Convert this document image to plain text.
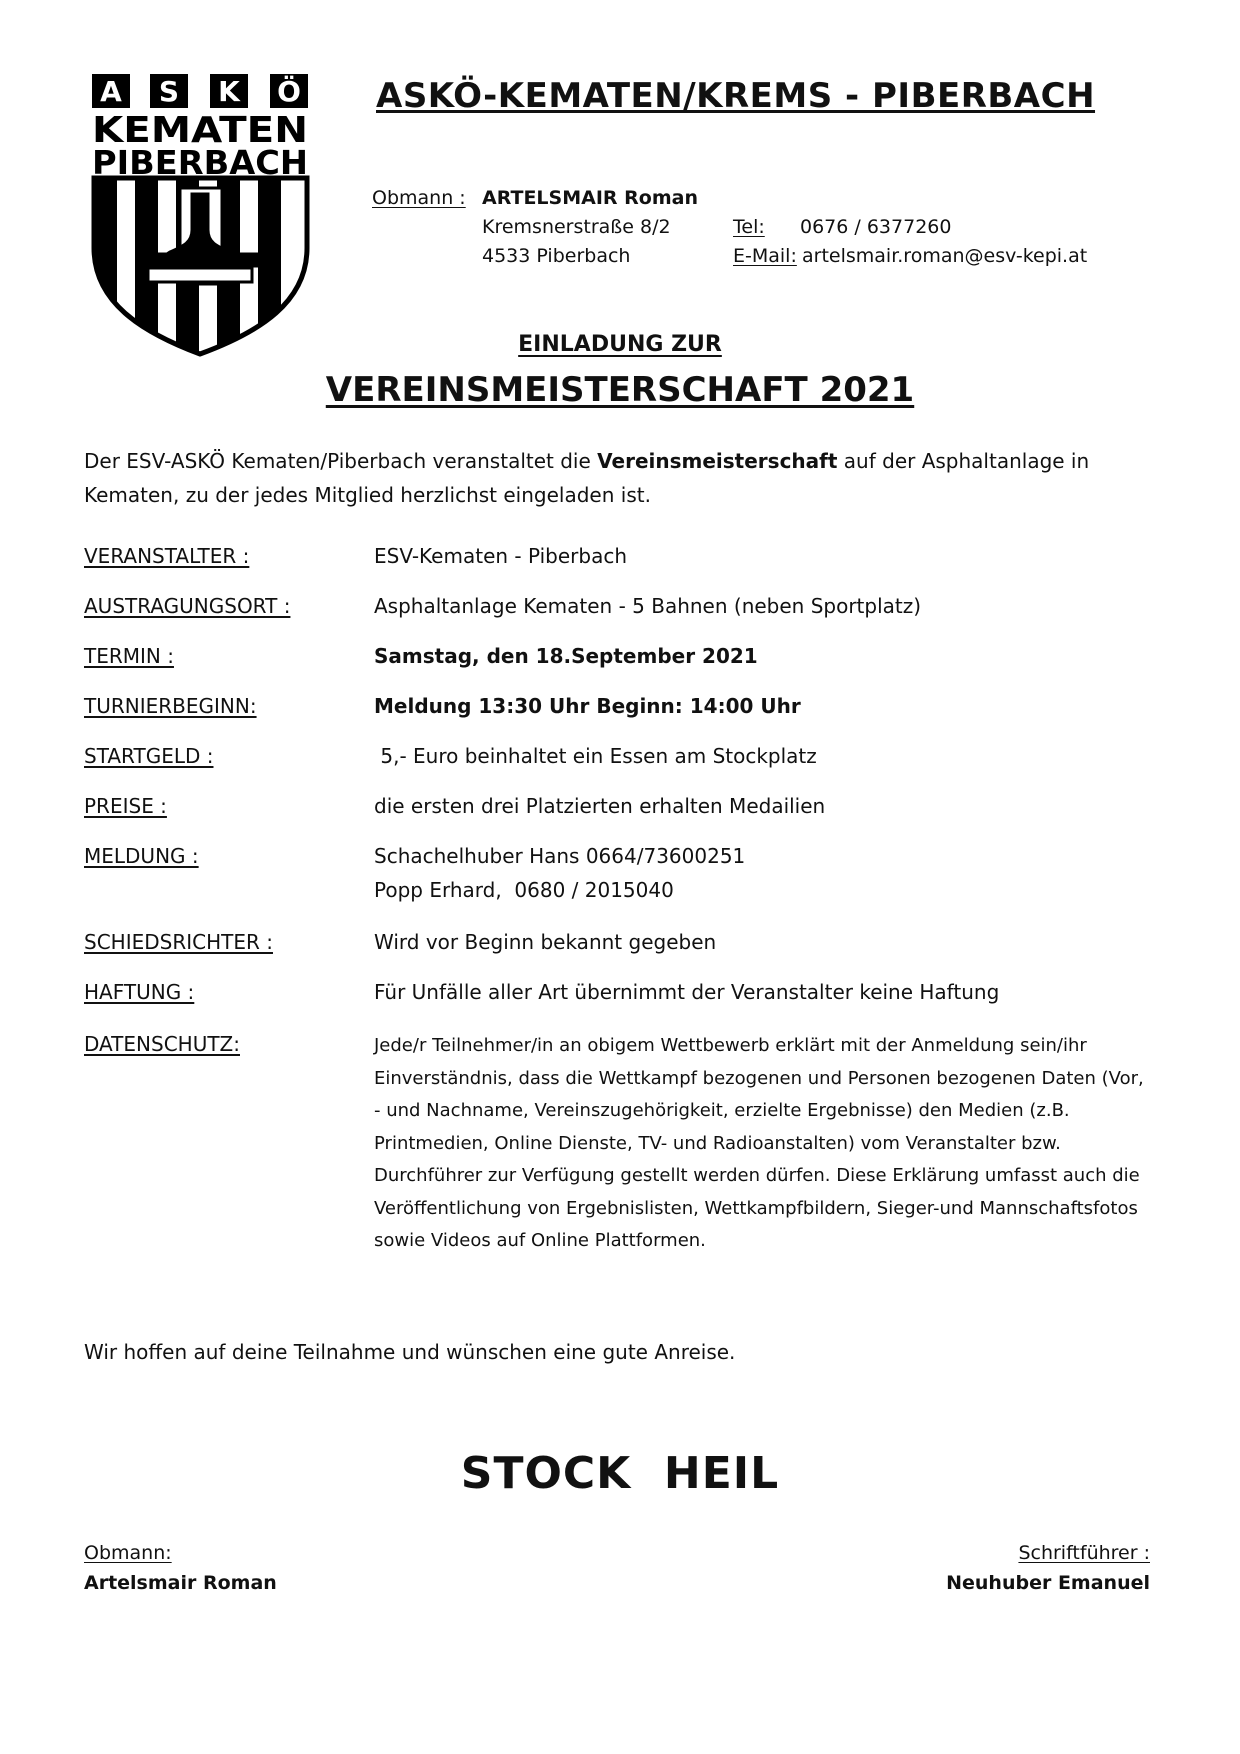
A S K Ö
KEMATEN
PIBERBACH
ASKÖ-KEMATEN/KREMS - PIBERBACH
Obmann : ARTELSMAIR Roman
Kremsnerstraße 8/2
4533 Piberbach
Tel: 0676 / 6377260
E-Mail: artelsmair.roman@esv-kepi.at
EINLADUNG ZUR
VEREINSMEISTERSCHAFT 2021
Der ESV-ASKÖ Kematen/Piberbach veranstaltet die Vereinsmeisterschaft auf der Asphaltanlage in Kematen, zu der jedes Mitglied herzlichst eingeladen ist.
VERANSTALTER :	ESV-Kematen - Piberbach
AUSTRAGUNGSORT :	Asphaltanlage Kematen - 5 Bahnen (neben Sportplatz)
TERMIN :	Samstag, den 18.September 2021
TURNIERBEGINN:	Meldung 13:30 Uhr Beginn: 14:00 Uhr
STARTGELD :	5,- Euro beinhaltet ein Essen am Stockplatz
PREISE :	die ersten drei Platzierten erhalten Medailien
MELDUNG :	Schachelhuber Hans 0664/73600251
Popp Erhard,  0680 / 2015040
SCHIEDSRICHTER :	Wird vor Beginn bekannt gegeben
HAFTUNG :	Für Unfälle aller Art übernimmt der Veranstalter keine Haftung
DATENSCHUTZ:	Jede/r Teilnehmer/in an obigem Wettbewerb erklärt mit der Anmeldung sein/ihr Einverständnis, dass die Wettkampf bezogenen und Personen bezogenen Daten (Vor, - und Nachname, Vereinszugehörigkeit, erzielte Ergebnisse) den Medien (z.B. Printmedien, Online Dienste, TV- und Radioanstalten) vom Veranstalter bzw. Durchführer zur Verfügung gestellt werden dürfen. Diese Erklärung umfasst auch die Veröffentlichung von Ergebnislisten, Wettkampfbildern, Sieger-und Mannschaftsfotos sowie Videos auf Online Plattformen.
Wir hoffen auf deine Teilnahme und wünschen eine gute Anreise.
STOCK  HEIL
Obmann:
Artelsmair Roman
Schriftführer :
Neuhuber Emanuel
